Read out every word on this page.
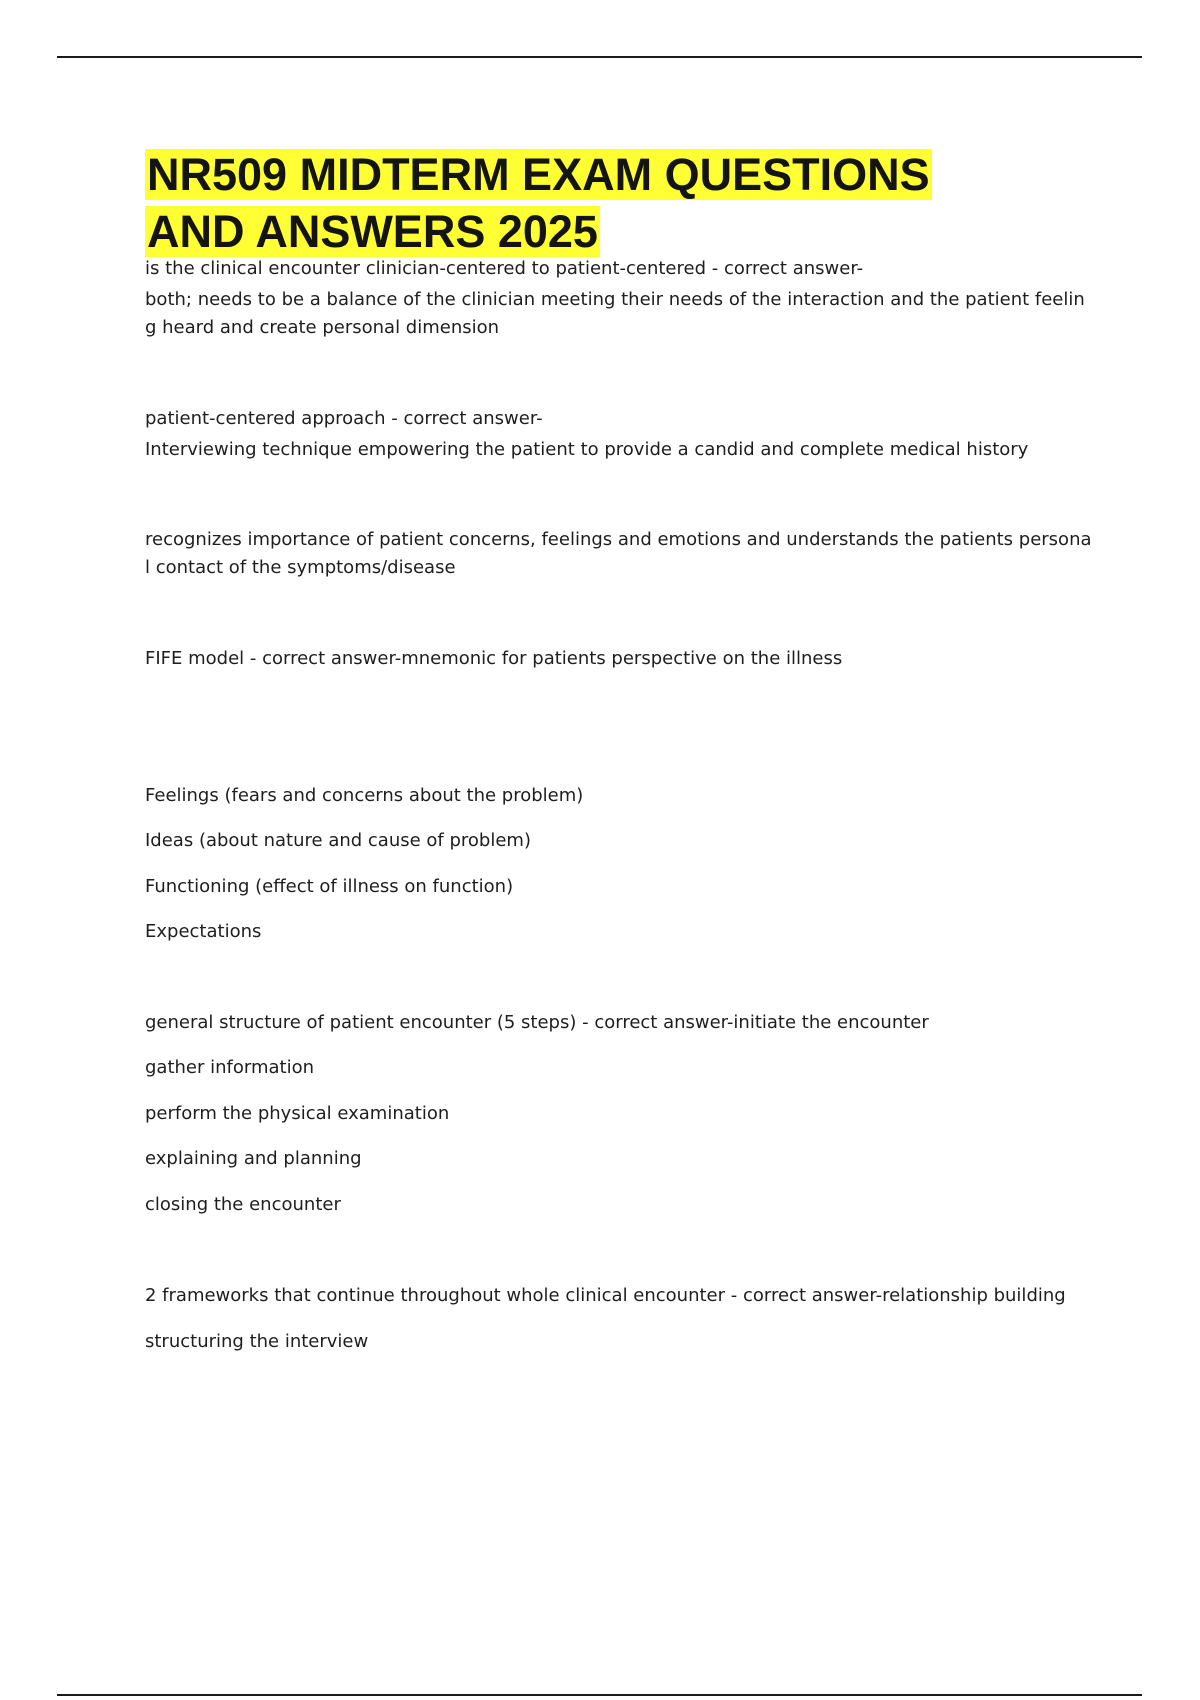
NR509 MIDTERM EXAM QUESTIONS
AND ANSWERS 2025
is the clinical encounter clinician-centered to patient-centered - correct answer-
both; needs to be a balance of the clinician meeting their needs of the interaction and the patient feelin
g heard and create personal dimension
patient-centered approach - correct answer-
Interviewing technique empowering the patient to provide a candid and complete medical history
recognizes importance of patient concerns, feelings and emotions and understands the patients persona
l contact of the symptoms/disease
FIFE model - correct answer-mnemonic for patients perspective on the illness
Feelings (fears and concerns about the problem)
Ideas (about nature and cause of problem)
Functioning (effect of illness on function)
Expectations
general structure of patient encounter (5 steps) - correct answer-initiate the encounter
gather information
perform the physical examination
explaining and planning
closing the encounter
2 frameworks that continue throughout whole clinical encounter - correct answer-relationship building
structuring the interview
